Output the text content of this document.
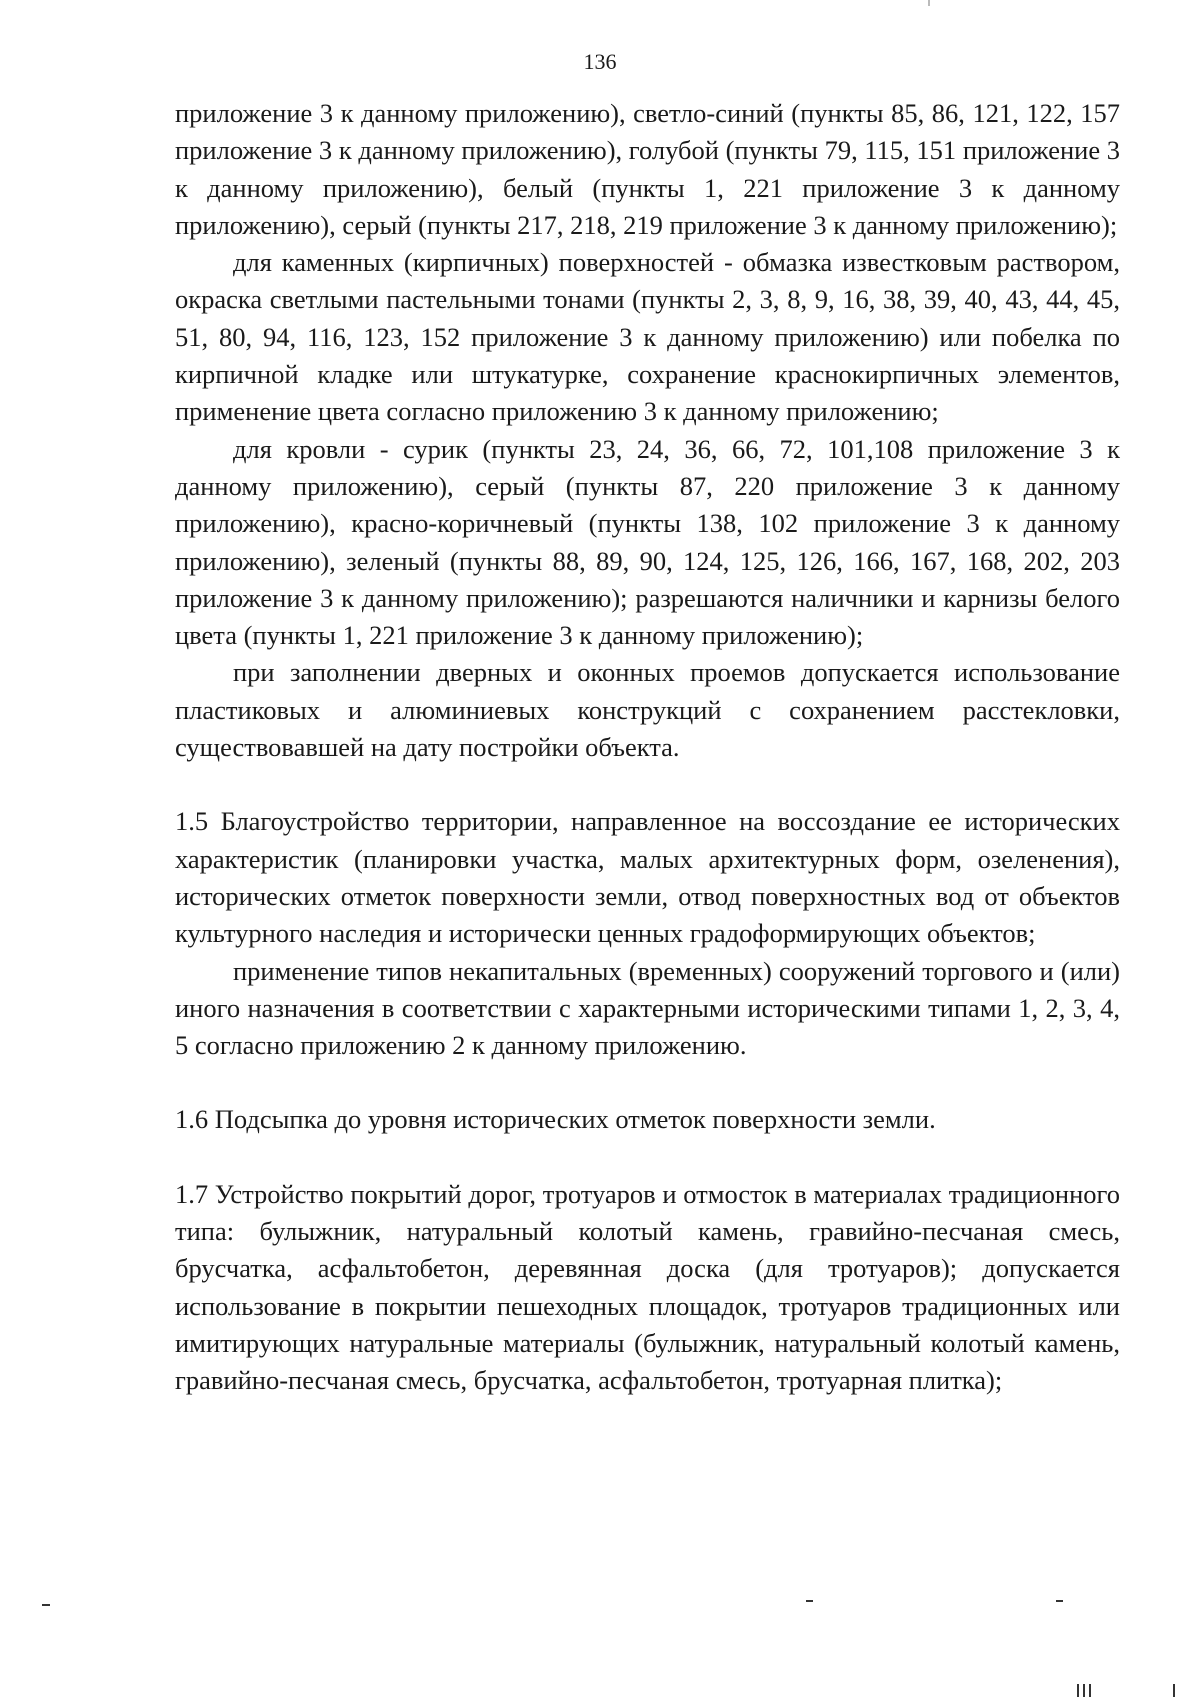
136

приложение 3 к данному приложению), светло-синий (пункты 85, 86, 121, 122, 157 приложение 3 к данному приложению), голубой (пункты 79, 115, 151 приложение 3 к данному приложению), белый (пункты 1, 221 приложение 3 к данному приложению), серый (пункты 217, 218, 219 приложение 3 к данному приложению);

для каменных (кирпичных) поверхностей - обмазка известковым раствором, окраска светлыми пастельными тонами (пункты 2, 3, 8, 9, 16, 38, 39, 40, 43, 44, 45, 51, 80, 94, 116, 123, 152 приложение 3 к данному приложению) или побелка по кирпичной кладке или штукатурке, сохранение краснокирпичных элементов, применение цвета согласно приложению 3 к данному приложению;

для кровли - сурик (пункты 23, 24, 36, 66, 72, 101,108 приложение 3 к данному приложению), серый (пункты 87, 220 приложение 3 к данному приложению), красно-коричневый (пункты 138, 102 приложение 3 к данному приложению), зеленый (пункты 88, 89, 90, 124, 125, 126, 166, 167, 168, 202, 203 приложение 3 к данному приложению); разрешаются наличники и карнизы белого цвета (пункты 1, 221 приложение 3 к данному приложению);

при заполнении дверных и оконных проемов допускается использование пластиковых и алюминиевых конструкций с сохранением расстекловки, существовавшей на дату постройки объекта.

1.5 Благоустройство территории, направленное на воссоздание ее исторических характеристик (планировки участка, малых архитектурных форм, озеленения), исторических отметок поверхности земли, отвод поверхностных вод от объектов культурного наследия и исторически ценных градоформирующих объектов;

применение типов некапитальных (временных) сооружений торгового и (или) иного назначения в соответствии с характерными историческими типами 1, 2, 3, 4, 5 согласно приложению 2 к данному приложению.

1.6 Подсыпка до уровня исторических отметок поверхности земли.

1.7 Устройство покрытий дорог, тротуаров и отмосток в материалах традиционного типа: булыжник, натуральный колотый камень, гравийно-песчаная смесь, брусчатка, асфальтобетон, деревянная доска (для тротуаров); допускается использование в покрытии пешеходных площадок, тротуаров традиционных или имитирующих натуральные материалы (булыжник, натуральный колотый камень, гравийно-песчаная смесь, брусчатка, асфальтобетон, тротуарная плитка);
